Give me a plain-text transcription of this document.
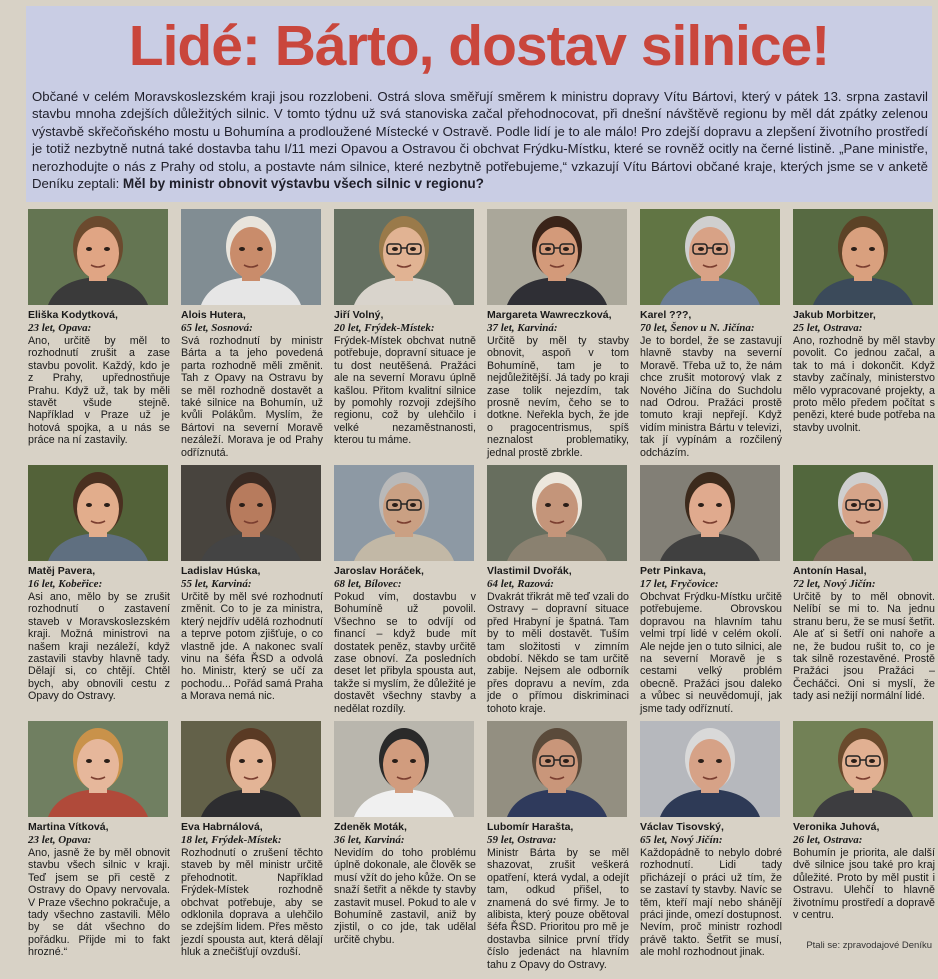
Lidé: Bárto, dostav silnice!
Občané v celém Moravskoslezském kraji jsou rozzlobeni. Ostrá slova směřují směrem k ministru dopravy Vítu Bártovi, který v pátek 13. srpna zastavil stavbu mnoha zdejších důležitých silnic. V tomto týdnu už svá stanoviska začal přehodnocovat, při dnešní návštěvě regionu by měl dát zpátky zelenou výstavbě skřečoňského mostu u Bohumína a prodloužené Místecké v Ostravě. Podle lidí je to ale málo! Pro zdejší dopravu a zlepšení životního prostředí je totiž nezbytně nutná také dostavba tahu I/11 mezi Opavou a Ostravou či obchvat Frýdku-Místku, které se rovněž ocitly na černé listině. „Pane ministře, nerozhodujte o nás z Prahy od stolu, a postavte nám silnice, které nezbytně potřebujeme,“ vzkazují Vítu Bártovi občané kraje, kterých jsme se v anketě Deníku zeptali: Měl by ministr obnovit výstavbu všech silnic v regionu?
Eliška Kodytková,
23 let, Opava:
Ano, určitě by měl to rozhodnutí zrušit a zase stavbu povolit. Každý, kdo je z Prahy, upřednostňuje Prahu. Když už, tak by měli stavět všude stejně. Například v Praze už je hotová spojka, a u nás se práce na ní zastavily.
Alois Hutera,
65 let, Sosnová:
Svá rozhodnutí by ministr Bárta a ta jeho povedená parta rozhodně měli změnit. Tah z Opavy na Ostravu by se měl rozhodně dostavět a také silnice na Bohumín, už kvůli Polákům. Myslím, že Bártovi na severní Moravě nezáleží. Morava je od Prahy odříznutá.
Jiří Volný,
20 let, Frýdek-Místek:
Frýdek-Místek obchvat nutně potřebuje, dopravní situace je tu dost neutěšená. Pražáci ale na severní Moravu úplně kašlou. Přitom kvalitní silnice by pomohly rozvoji zdejšího regionu, což by ulehčilo i velké nezaměstnanosti, kterou tu máme.
Margareta Wawreczková,
37 let, Karviná:
Určitě by měl ty stavby obnovit, aspoň v tom Bohumíně, tam je to nejdůležitější. Já tady po kraji zase tolik nejezdím, tak prosně nevím, čeho se to dotkne. Neřekla bych, že jde o pragocentrismus, spíš neznalost problematiky, jednal prostě zbrkle.
Karel ???,
70 let, Šenov u N. Jičína:
Je to bordel, že se zastavují hlavně stavby na severní Moravě. Třeba už to, že nám chce zrušit motorový vlak z Nového Jičína do Suchdolu nad Odrou. Pražáci prostě tomuto kraji nepřejí. Když vidím ministra Bártu v televizi, tak jí vypínám a rozčilený odcházím.
Jakub Morbitzer,
25 let, Ostrava:
Ano, rozhodně by měl stavby povolit. Co jednou začal, a tak to má i dokončit. Když stavby začínaly, ministerstvo mělo vypracované projekty, a proto mělo předem počítat s penězi, které bude potřeba na stavby uvolnit.
Matěj Pavera,
16 let, Kobeřice:
Asi ano, mělo by se zrušit rozhodnutí o zastavení staveb v Moravskoslezském kraji. Možná ministrovi na našem kraji nezáleží, když zastavili stavby hlavně tady. Dělají si, co chtějí. Chtěl bych, aby obnovili cestu z Opavy do Ostravy.
Ladislav Húska,
55 let, Karviná:
Určitě by měl své rozhodnutí změnit. Co to je za ministra, který nejdřív udělá rozhodnutí a teprve potom zjišťuje, o co vlastně jde. A nakonec svalí vinu na šéfa ŘSD a odvolá ho. Ministr, který se učí za pochodu... Pořád samá Praha a Morava nemá nic.
Jaroslav Horáček,
68 let, Bílovec:
Pokud vím, dostavbu v Bohumíně už povolil. Všechno se to odvíjí od financí – když bude mít dostatek peněz, stavby určitě zase obnoví. Za posledních deset let přibyla spousta aut, takže si myslím, že důležité je dostavět všechny stavby a nedělat rozdíly.
Vlastimil Dvořák,
64 let, Razová:
Dvakrát třikrát mě teď vzali do Ostravy – dopravní situace před Hrabyní je špatná. Tam by to měli dostavět. Tuším tam složitosti v zimním období. Někdo se tam určitě zabije. Nejsem ale odborník přes dopravu a nevím, zda jde o přímou diskriminaci tohoto kraje.
Petr Pinkava,
17 let, Fryčovice:
Obchvat Frýdku-Místku určitě potřebujeme. Obrovskou dopravou na hlavním tahu velmi trpí lidé v celém okolí. Ale nejde jen o tuto silnici, ale na severní Moravě je s cestami velký problém obecně. Pražáci jsou daleko a vůbec si neuvědomují, jak jsme tady odříznutí.
Antonín Hasal,
72 let, Nový Jičín:
Určitě by to měl obnovit. Nelíbí se mi to. Na jednu stranu beru, že se musí šetřit. Ale ať si šetří oni nahoře a ne, že budou rušit to, co je tak silně rozestavěné. Prostě Pražáci jsou Pražáci – Čecháčci. Oni si myslí, že tady asi nežijí normální lidé.
Martina Vítková,
23 let, Opava:
Ano, jasně že by měl obnovit stavbu všech silnic v kraji. Teď jsem se při cestě z Ostravy do Opavy nervovala. V Praze všechno pokračuje, a tady všechno zastavili. Mělo by se dát všechno do pořádku. Přijde mi to fakt hrozné.“
Eva Habrnálová,
18 let, Frýdek-Místek:
Rozhodnutí o zrušení těchto staveb by měl ministr určitě přehodnotit. Například Frýdek-Místek rozhodně obchvat potřebuje, aby se odklonila doprava a ulehčilo se zdejším lidem. Přes město jezdí spousta aut, která dělají hluk a znečišťují ovzduší.
Zdeněk Moták,
36 let, Karviná:
Nevidím do toho problému úplně dokonale, ale člověk se musí vžít do jeho kůže. On se snaží šetřit a někde ty stavby zastavit musel. Pokud to ale v Bohumíně zastavil, aniž by zjistil, o co jde, tak udělal určitě chybu.
Lubomír Harašta,
59 let, Ostrava:
Ministr Bárta by se měl shazovat, zrušit veškerá opatření, která vydal, a odejít tam, odkud přišel, to znamená do své firmy. Je to alibista, který pouze obětoval šéfa ŘSD. Prioritou pro mě je dostavba silnice první třídy číslo jedenáct na hlavním tahu z Opavy do Ostravy.
Václav Tisovský,
65 let, Nový Jičín:
Každopádně to nebylo dobré rozhodnutí. Lidi tady přicházejí o práci už tím, že se zastaví ty stavby. Navíc se těm, kteří mají nebo shánějí práci jinde, omezí dostupnost. Nevím, proč ministr rozhodl právě takto. Šetřit se musí, ale mohl rozhodnout jinak.
Veronika Juhová,
26 let, Ostrava:
Bohumín je priorita, ale další dvě silnice jsou také pro kraj důležité. Proto by měl pustit i Ostravu. Ulehčí to hlavně životnímu prostředí a dopravě v centru.
Ptali se: zpravodajové Deníku
